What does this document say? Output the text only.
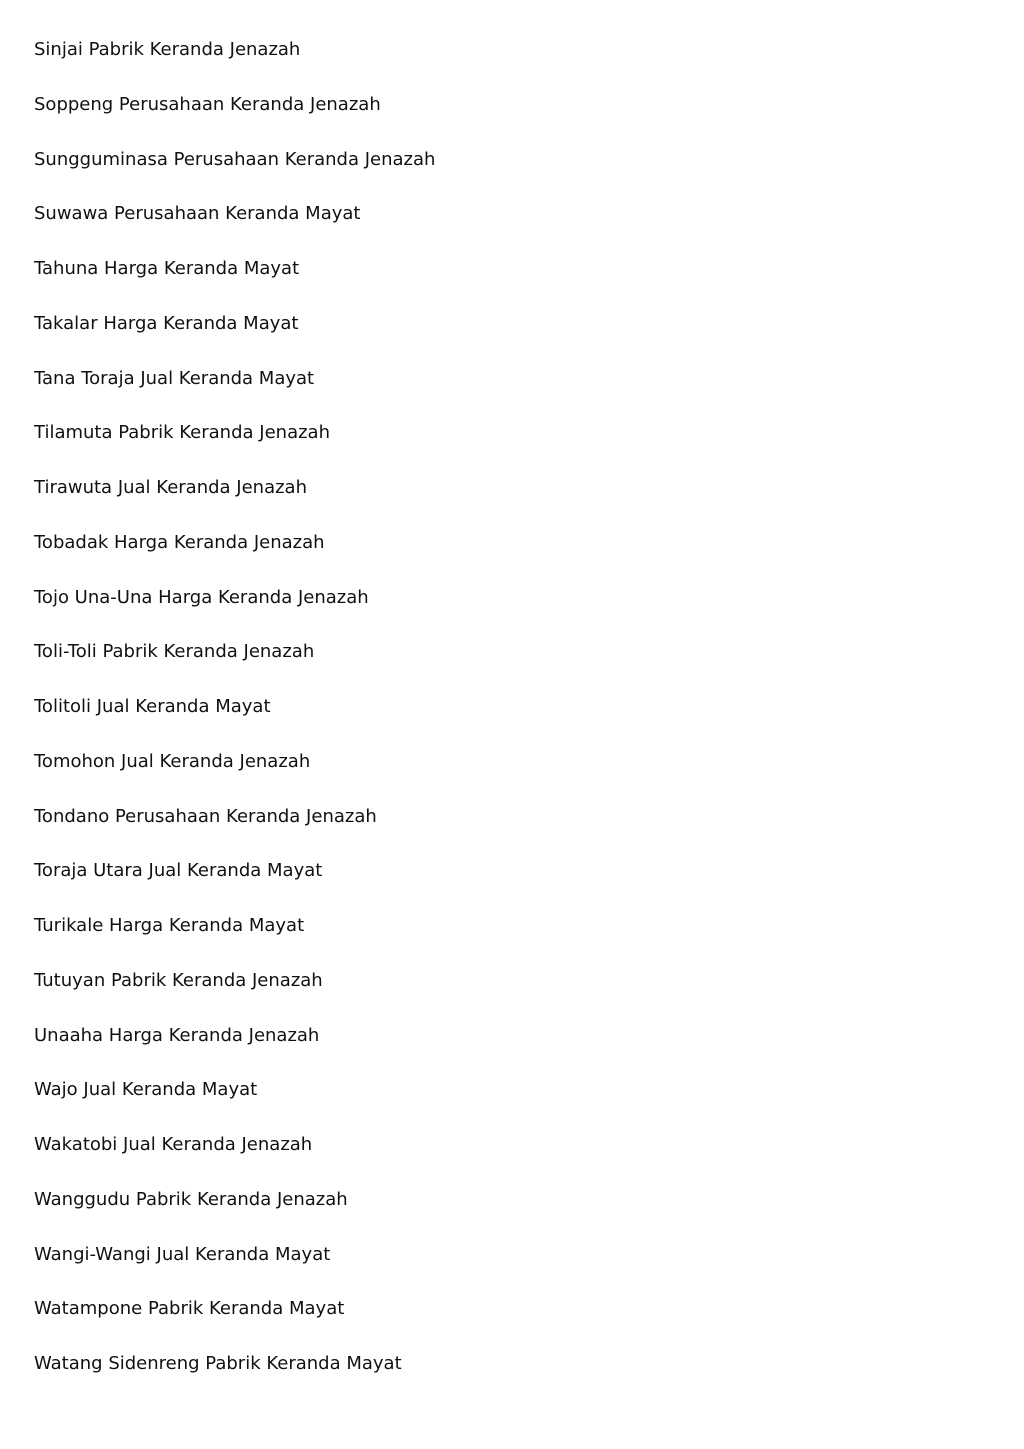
Sinjai Pabrik Keranda Jenazah
Soppeng Perusahaan Keranda Jenazah
Sungguminasa Perusahaan Keranda Jenazah
Suwawa Perusahaan Keranda Mayat
Tahuna Harga Keranda Mayat
Takalar Harga Keranda Mayat
Tana Toraja Jual Keranda Mayat
Tilamuta Pabrik Keranda Jenazah
Tirawuta Jual Keranda Jenazah
Tobadak Harga Keranda Jenazah
Tojo Una-Una Harga Keranda Jenazah
Toli-Toli Pabrik Keranda Jenazah
Tolitoli Jual Keranda Mayat
Tomohon Jual Keranda Jenazah
Tondano Perusahaan Keranda Jenazah
Toraja Utara Jual Keranda Mayat
Turikale Harga Keranda Mayat
Tutuyan Pabrik Keranda Jenazah
Unaaha Harga Keranda Jenazah
Wajo Jual Keranda Mayat
Wakatobi Jual Keranda Jenazah
Wanggudu Pabrik Keranda Jenazah
Wangi-Wangi Jual Keranda Mayat
Watampone Pabrik Keranda Mayat
Watang Sidenreng Pabrik Keranda Mayat
